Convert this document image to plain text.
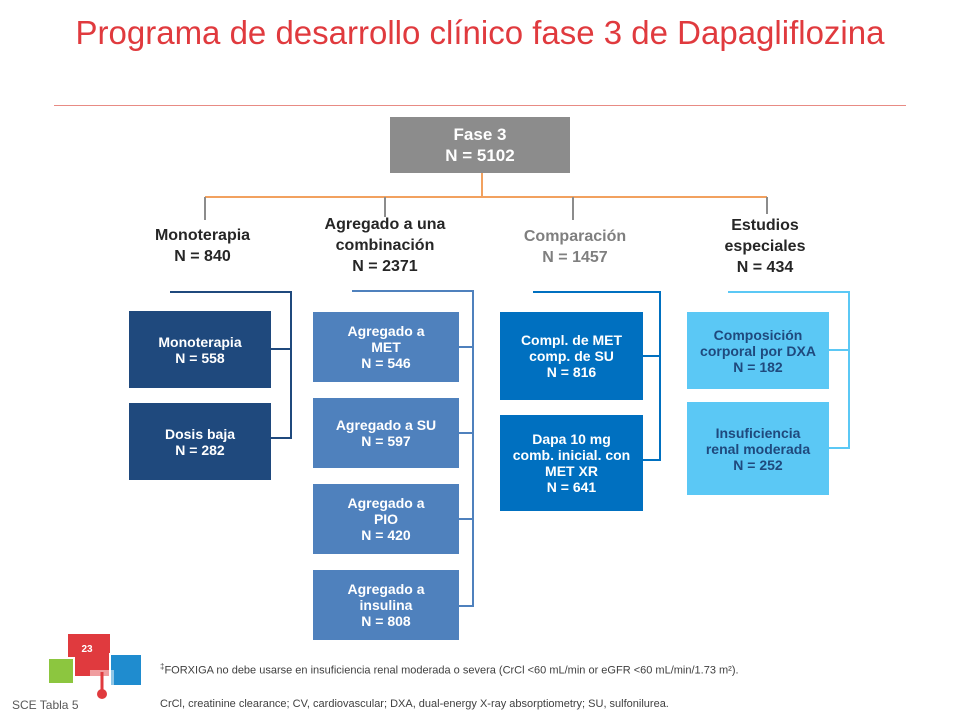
Programa de desarrollo clínico fase 3 de Dapagliflozina
Fase 3
N = 5102
Monoterapia
N = 840
Agregado a una combinación
N = 2371
Comparación
N = 1457
Estudios especiales
N = 434
Monoterapia
N = 558
Dosis baja
N = 282
Agregado a MET
N = 546
Agregado a SU
N = 597
Agregado a PIO
N = 420
Agregado a insulina
N = 808
Compl. de MET comp. de SU
N = 816
Dapa 10 mg comb. inicial. con MET XR
N = 641
Composición corporal por DXA
N = 182
Insuficiencia renal moderada
N = 252
23
‡FORXIGA no debe usarse en insuficiencia renal moderada o severa (CrCl <60 mL/min or eGFR <60 mL/min/1.73 m²).
CrCl, creatinine clearance; CV, cardiovascular; DXA, dual-energy X-ray absorptiometry; SU, sulfonilurea.
SCE Tabla 5
